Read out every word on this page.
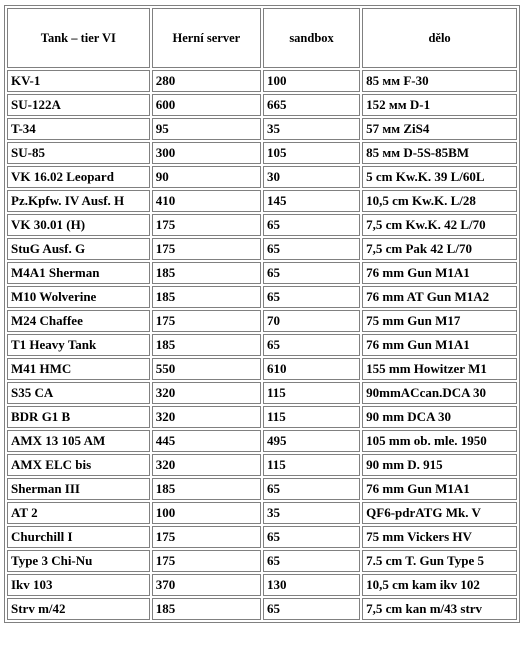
Tank – tier VI	Herní server	sandbox	dělo
KV-1	280	100	85 мм F-30
SU-122A	600	665	152 мм D-1
T-34	95	35	57 мм ZiS4
SU-85	300	105	85 мм D-5S-85BM
VK 16.02 Leopard	90	30	5 cm Kw.K. 39 L/60L
Pz.Kpfw. IV Ausf. H	410	145	10,5 cm Kw.K. L/28
VK 30.01 (H)	175	65	7,5 cm Kw.K. 42 L/70
StuG Ausf. G	175	65	7,5 cm Pak 42 L/70
M4A1 Sherman	185	65	76 mm Gun M1A1
M10 Wolverine	185	65	76 mm AT Gun M1A2
M24 Chaffee	175	70	75 mm Gun M17
T1 Heavy Tank	185	65	76 mm Gun M1A1
M41 HMC	550	610	155 mm Howitzer M1
S35 CA	320	115	90mmACcan.DCA 30
BDR G1 B	320	115	90 mm DCA 30
AMX 13 105 AM	445	495	105 mm ob. mle. 1950
AMX ELC bis	320	115	90 mm D. 915
Sherman III	185	65	76 mm Gun M1A1
AT 2	100	35	QF6-pdrATG Mk. V
Churchill I	175	65	75 mm Vickers HV
Type 3 Chi-Nu	175	65	7.5 cm T. Gun Type 5
Ikv 103	370	130	10,5 cm kam ikv 102
Strv m/42	185	65	7,5 cm kan m/43 strv
